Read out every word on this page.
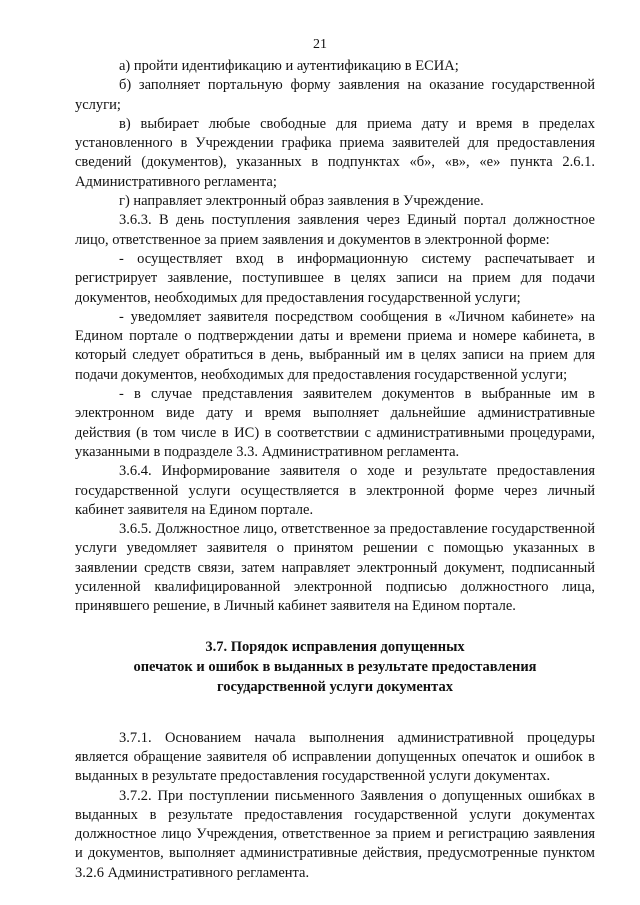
21

а) пройти идентификацию и аутентификацию в ЕСИА;

б) заполняет портальную форму заявления на оказание государственной услуги;

в) выбирает любые свободные для приема дату и время в пределах установленного в Учреждении графика приема заявителей для предоставления сведений (документов), указанных в подпунктах «б», «в», «е» пункта 2.6.1. Административного регламента;

г) направляет электронный образ заявления в Учреждение.

3.6.3. В день поступления заявления через Единый портал должностное лицо, ответственное за прием заявления и документов в электронной форме:

- осуществляет вход в информационную систему распечатывает и регистрирует заявление, поступившее в целях записи на прием для подачи документов, необходимых для предоставления государственной услуги;

- уведомляет заявителя посредством сообщения в «Личном кабинете» на Едином портале о подтверждении даты и времени приема и номере кабинета, в который следует обратиться в день, выбранный им в целях записи на прием для подачи документов, необходимых для предоставления государственной услуги;

- в случае представления заявителем документов в выбранные им в электронном виде дату и время выполняет дальнейшие административные действия (в том числе в ИС) в соответствии с административными процедурами, указанными в подразделе 3.3. Административном регламента.

3.6.4. Информирование заявителя о ходе и результате предоставления государственной услуги осуществляется в электронной форме через личный кабинет заявителя на Едином портале.

3.6.5. Должностное лицо, ответственное за предоставление государственной услуги уведомляет заявителя о принятом решении с помощью указанных в заявлении средств связи, затем направляет электронный документ, подписанный усиленной квалифицированной электронной подписью должностного лица, принявшего решение, в Личный кабинет заявителя на Едином портале.

3.7. Порядок исправления допущенных
опечаток и ошибок в выданных в результате предоставления
государственной услуги документах

3.7.1. Основанием начала выполнения административной процедуры является обращение заявителя об исправлении допущенных опечаток и ошибок в выданных в результате предоставления государственной услуги документах.

3.7.2. При поступлении письменного Заявления о допущенных ошибках в выданных в результате предоставления государственной услуги документах должностное лицо Учреждения, ответственное за прием и регистрацию заявления и документов, выполняет административные действия, предусмотренные пунктом 3.2.6 Административного регламента.
